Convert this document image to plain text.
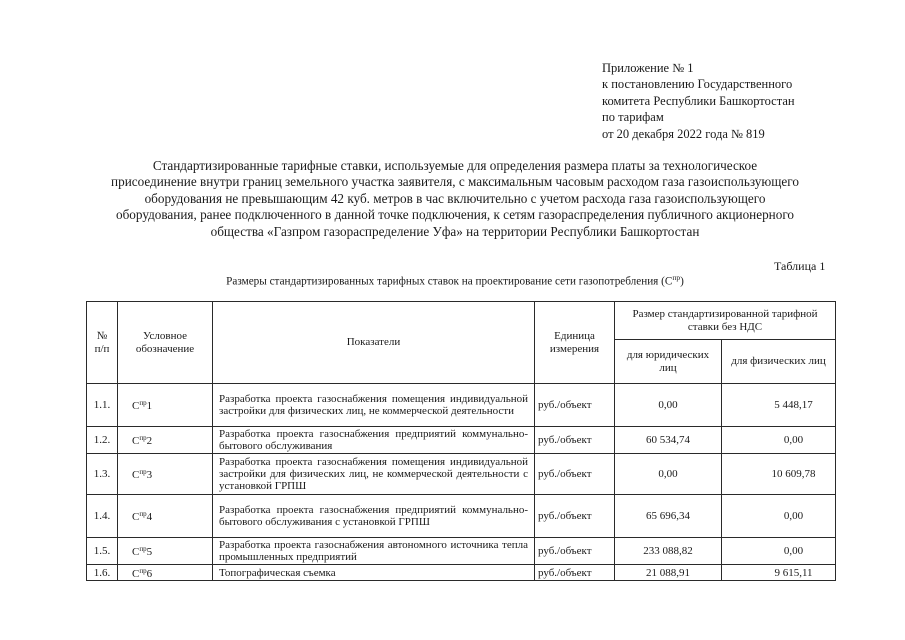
Приложение № 1
к постановлению Государственного
комитета Республики Башкортостан
по тарифам
от 20 декабря 2022 года № 819
Стандартизированные тарифные ставки, используемые для определения размера платы за технологическое
присоединение внутри границ земельного участка заявителя, с максимальным часовым расходом газа газоиспользующего
оборудования не превышающим 42 куб. метров в час включительно с учетом расхода газа газоиспользующего
оборудования, ранее подключенного в данной точке подключения, к сетям газораспределения публичного акционерного
общества «Газпром газораспределение Уфа» на территории Республики Башкортостан
Таблица 1
Размеры стандартизированных тарифных ставок на проектирование сети газопотребления $(С^{пр})$
№ п/п	Условное обозначение	Показатели	Единица измерения	Размер стандартизированной тарифной ставки без НДС	
				для юридических лиц	для физических лиц
1.1.	$С^{пр}1$	Разработка проекта газоснабжения помещения индивидуальной застройки для физических лиц, не коммерческой деятельности	руб./объект	0,00	5 448,17
1.2.	$С^{пр}2$	Разработка проекта газоснабжения предприятий коммунально-бытового обслуживания	руб./объект	60 534,74	0,00
1.3.	$С^{пр}3$	Разработка проекта газоснабжения помещения индивидуальной застройки для физических лиц, не коммерческой деятельности с установкой ГРПШ	руб./объект	0,00	10 609,78
1.4.	$С^{пр}4$	Разработка проекта газоснабжения предприятий коммунально-бытового обслуживания с установкой ГРПШ	руб./объект	65 696,34	0,00
1.5.	$С^{пр}5$	Разработка проекта газоснабжения автономного источника тепла промышленных предприятий	руб./объект	233 088,82	0,00
1.6.	$С^{пр}6$	Топографическая съемка	руб./объект	21 088,91	9 615,11
